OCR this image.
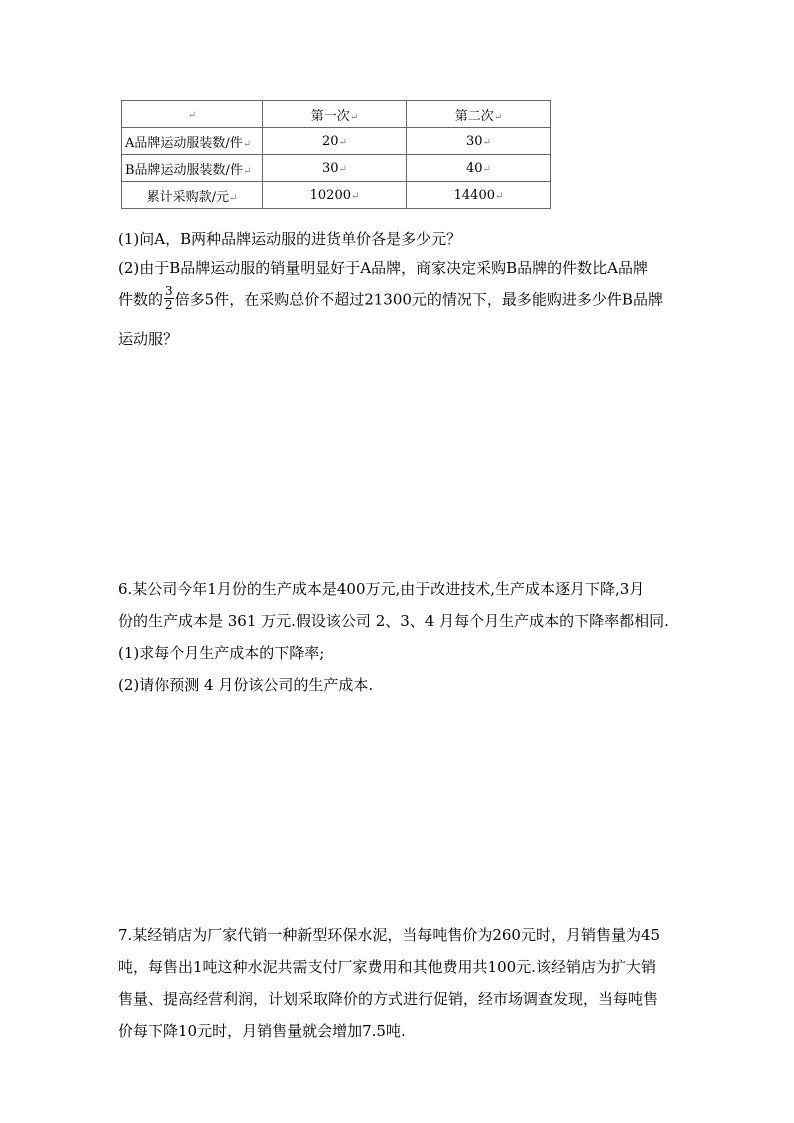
↵	第一次↵	第二次↵
A品牌运动服装数/件↵	20↵	30↵
B品牌运动服装数/件↵	30↵	40↵
累计采购款/元↵	10200↵	14400↵
(1)问A，B两种品牌运动服的进货单价各是多少元？
(2)由于B品牌运动服的销量明显好于A品牌，商家决定采购B品牌的件数比A品牌
件数的 $\frac{3}{2}$ 倍多5件，在采购总价不超过21300元的情况下，最多能购进多少件B品牌
运动服？
6.某公司今年1月份的生产成本是400万元,由于改进技术,生产成本逐月下降,3月
份的生产成本是 361 万元.假设该公司 2、3、4 月每个月生产成本的下降率都相同.
(1)求每个月生产成本的下降率;
(2)请你预测 4 月份该公司的生产成本.
7.某经销店为厂家代销一种新型环保水泥，当每吨售价为260元时，月销售量为45
吨，每售出1吨这种水泥共需支付厂家费用和其他费用共100元.该经销店为扩大销
售量、提高经营利润，计划采取降价的方式进行促销，经市场调查发现，当每吨售
价每下降10元时，月销售量就会增加7.5吨.
